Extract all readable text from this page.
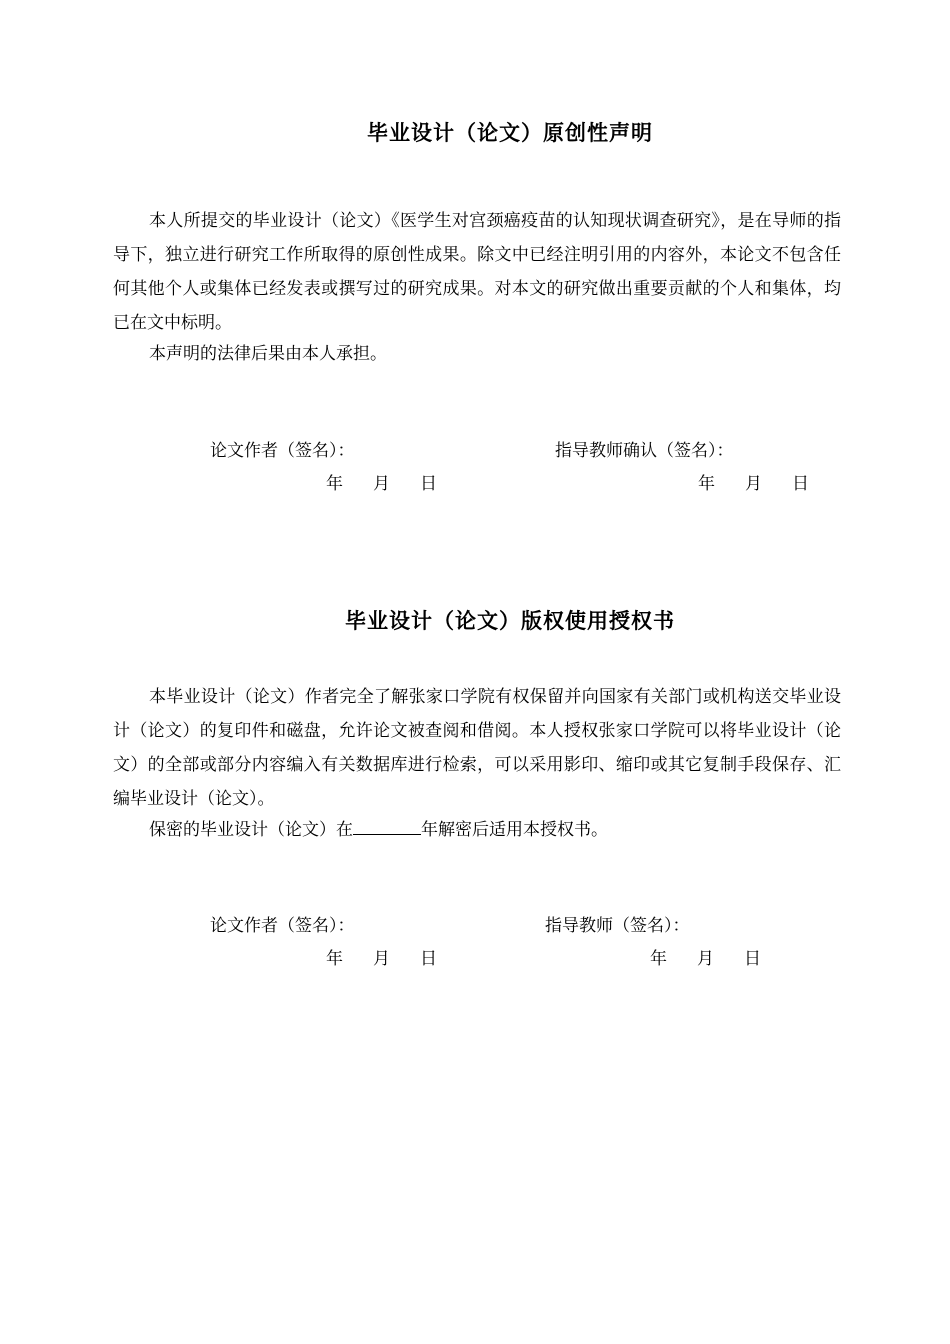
毕业设计（论文）原创性声明

本人所提交的毕业设计（论文）《医学生对宫颈癌疫苗的认知现状调查研究》，是在导师的指导下，独立进行研究工作所取得的原创性成果。除文中已经注明引用的内容外，本论文不包含任何其他个人或集体已经发表或撰写过的研究成果。对本文的研究做出重要贡献的个人和集体，均已在文中标明。

本声明的法律后果由本人承担。

论文作者（签名）：	指导教师确认（签名）：
年 月 日	年 月 日
毕业设计（论文）版权使用授权书

本毕业设计（论文）作者完全了解张家口学院有权保留并向国家有关部门或机构送交毕业设计（论文）的复印件和磁盘，允许论文被查阅和借阅。本人授权张家口学院可以将毕业设计（论文）的全部或部分内容编入有关数据库进行检索，可以采用影印、缩印或其它复制手段保存、汇编毕业设计（论文）。

保密的毕业设计（论文）在	年解密后适用本授权书。

论文作者（签名）：	指导教师（签名）：
年 月 日	年 月 日
